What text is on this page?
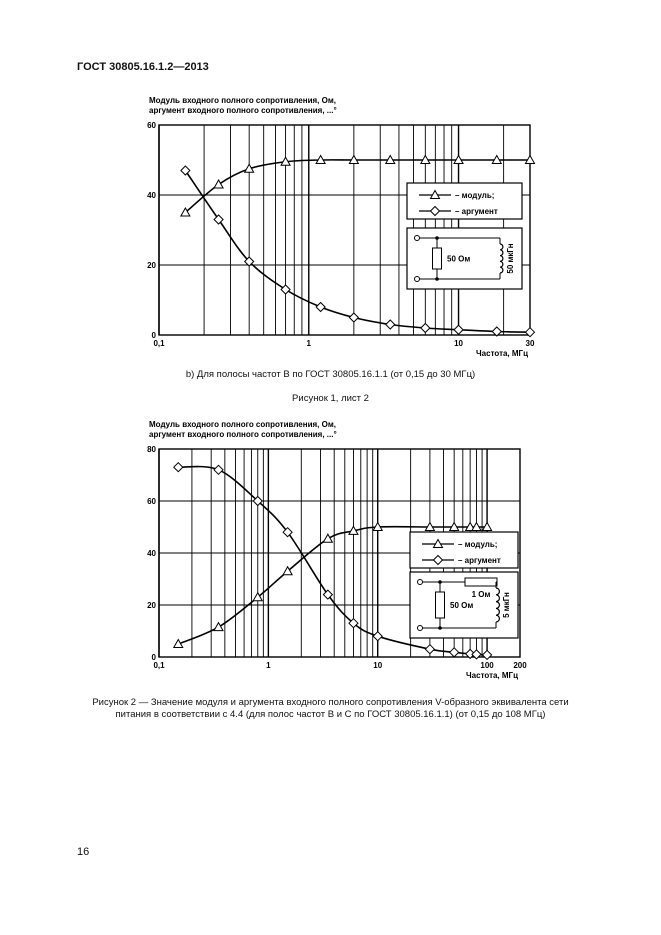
ГОСТ 30805.16.1.2—2013
Модуль входного полного сопротивления, Ом,
аргумент входного полного сопротивления, ...°
0
20
40
60
0,1	1	10	30
Частота, МГц
– модуль;
– аргумент
50 Ом	50 мкГн
b) Для полосы частот В по ГОСТ 30805.16.1.1 (от 0,15 до 30 МГц)
Рисунок 1, лист 2
Модуль входного полного сопротивления, Ом,
аргумент входного полного сопротивления, ...°
0
20
40
60
80
0,1	1	10	100 200
Частота, МГц
– модуль;
– аргумент
1 Ом
50 Ом	5 мкГн
Рисунок 2 — Значение модуля и аргумента входного полного сопротивления V-образного эквивалента сети
питания в соответствии с 4.4 (для полос частот В и С по ГОСТ 30805.16.1.1) (от 0,15 до 108 МГц)
16
